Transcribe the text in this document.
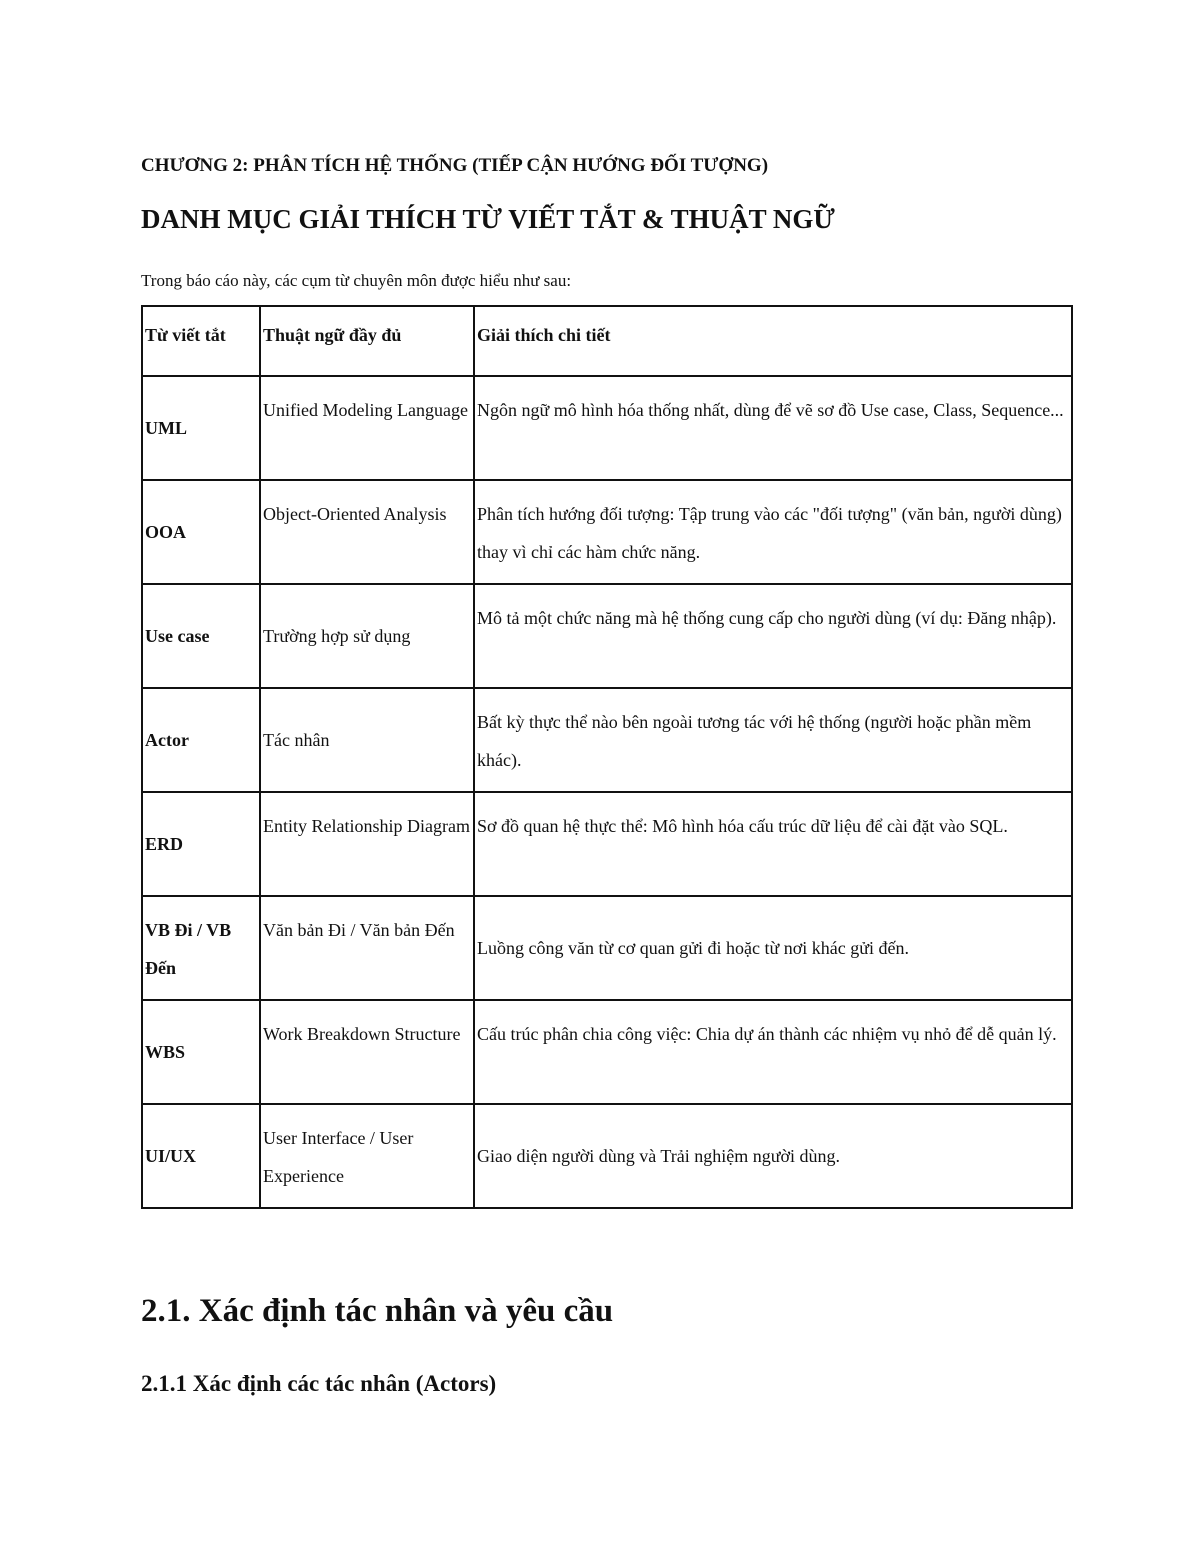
CHƯƠNG 2: PHÂN TÍCH HỆ THỐNG (TIẾP CẬN HƯỚNG ĐỐI TƯỢNG)
DANH MỤC GIẢI THÍCH TỪ VIẾT TẮT & THUẬT NGỮ
Trong báo cáo này, các cụm từ chuyên môn được hiểu như sau:
Từ viết tắt	Thuật ngữ đầy đủ	Giải thích chi tiết
UML	Unified Modeling Language	Ngôn ngữ mô hình hóa thống nhất, dùng để vẽ sơ đồ Use case, Class, Sequence...
OOA	Object-Oriented Analysis	Phân tích hướng đối tượng: Tập trung vào các "đối tượng" (văn bản, người dùng) thay vì chỉ các hàm chức năng.
Use case	Trường hợp sử dụng	Mô tả một chức năng mà hệ thống cung cấp cho người dùng (ví dụ: Đăng nhập).
Actor	Tác nhân	Bất kỳ thực thể nào bên ngoài tương tác với hệ thống (người hoặc phần mềm khác).
ERD	Entity Relationship Diagram	Sơ đồ quan hệ thực thể: Mô hình hóa cấu trúc dữ liệu để cài đặt vào SQL.
VB Đi / VB Đến	Văn bản Đi / Văn bản Đến	Luồng công văn từ cơ quan gửi đi hoặc từ nơi khác gửi đến.
WBS	Work Breakdown Structure	Cấu trúc phân chia công việc: Chia dự án thành các nhiệm vụ nhỏ để dễ quản lý.
UI/UX	User Interface / User Experience	Giao diện người dùng và Trải nghiệm người dùng.
2.1. Xác định tác nhân và yêu cầu
2.1.1 Xác định các tác nhân (Actors)
